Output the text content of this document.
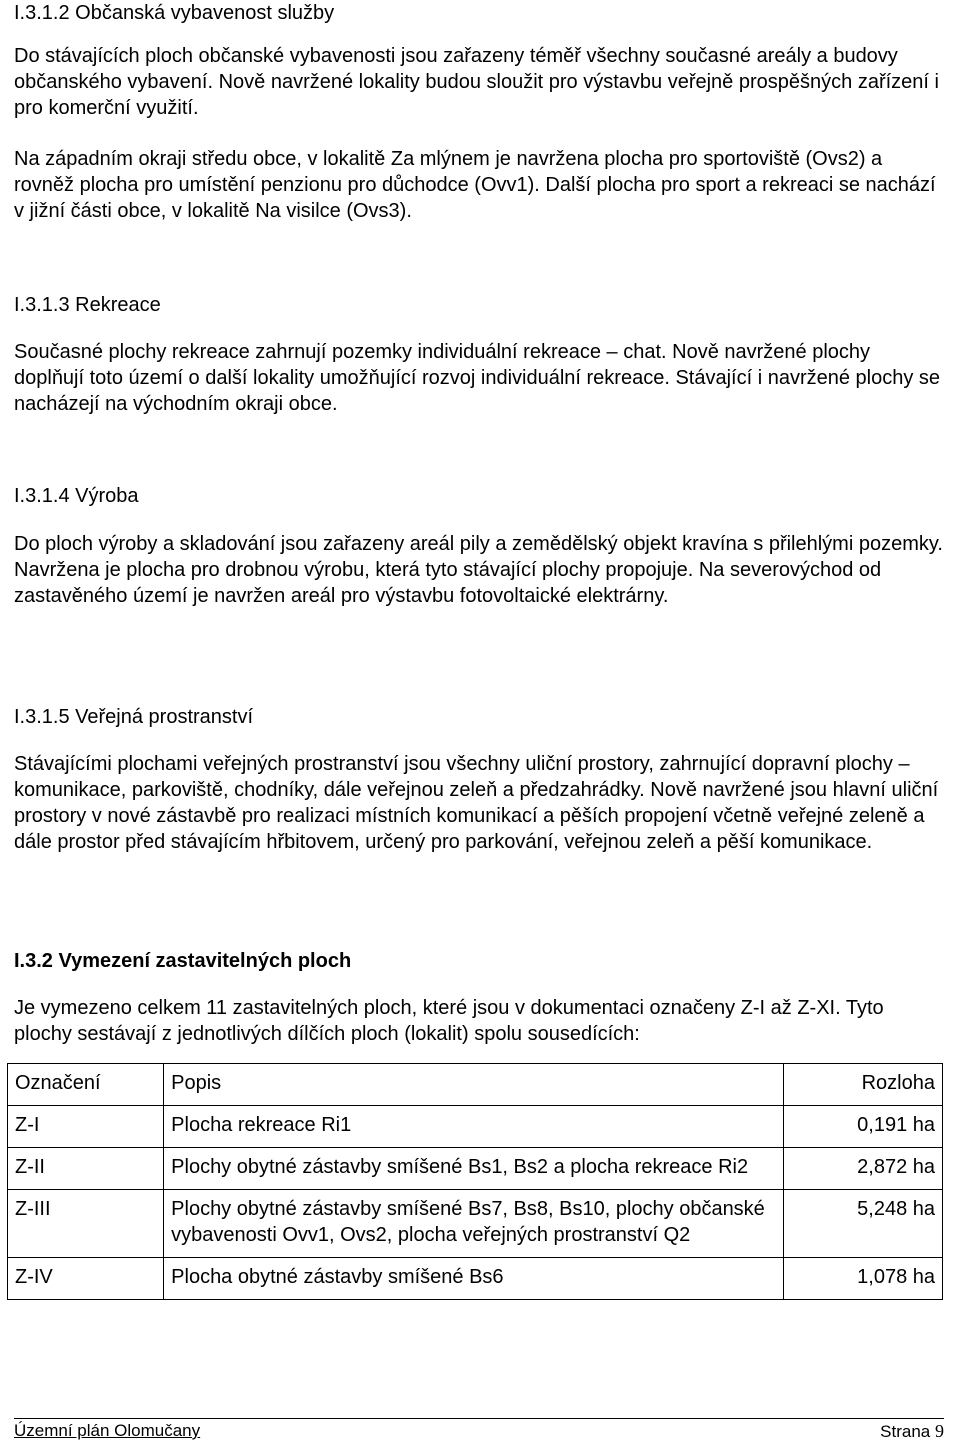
I.3.1.2 Občanská vybavenost služby

Do stávajících ploch občanské vybavenosti jsou zařazeny téměř všechny současné areály a budovy občanského vybavení. Nově navržené lokality budou sloužit pro výstavbu veřejně prospěšných zařízení i pro komerční využití.

Na západním okraji středu obce, v lokalitě Za mlýnem je navržena plocha pro sportoviště (Ovs2) a rovněž plocha pro umístění penzionu pro důchodce (Ovv1). Další plocha pro sport a rekreaci se nachází v jižní části obce, v lokalitě Na visilce (Ovs3).

I.3.1.3 Rekreace

Současné plochy rekreace zahrnují pozemky individuální rekreace – chat. Nově navržené plochy doplňují toto území o další lokality umožňující rozvoj individuální rekreace. Stávající i navržené plochy se nacházejí na východním okraji obce.

I.3.1.4 Výroba

Do ploch výroby a skladování jsou zařazeny areál pily a zemědělský objekt kravína s přilehlými pozemky. Navržena je plocha pro drobnou výrobu, která tyto stávající plochy propojuje. Na severovýchod od zastavěného území je navržen areál pro výstavbu fotovoltaické elektrárny.

I.3.1.5 Veřejná prostranství

Stávajícími plochami veřejných prostranství jsou všechny uliční prostory, zahrnující dopravní plochy – komunikace, parkoviště, chodníky, dále veřejnou zeleň a předzahrádky. Nově navržené jsou hlavní uliční prostory v nové zástavbě pro realizaci místních komunikací a pěších propojení včetně veřejné zeleně a dále prostor před stávajícím hřbitovem, určený pro parkování, veřejnou zeleň a pěší komunikace.

I.3.2 Vymezení zastavitelných ploch

Je vymezeno celkem 11 zastavitelných ploch, které jsou v dokumentaci označeny Z-I až Z-XI. Tyto plochy sestávají z jednotlivých dílčích ploch (lokalit) spolu sousedících:

Označení	Popis	Rozloha
Z-I	Plocha rekreace Ri1	0,191 ha
Z-II	Plochy obytné zástavby smíšené Bs1, Bs2 a plocha rekreace Ri2	2,872 ha
Z-III	Plochy obytné zástavby smíšené Bs7, Bs8, Bs10, plochy občanské vybavenosti Ovv1, Ovs2, plocha veřejných prostranství Q2	5,248 ha
Z-IV	Plocha obytné zástavby smíšené Bs6	1,078 ha
Územní plán Olomučany	Strana 9
